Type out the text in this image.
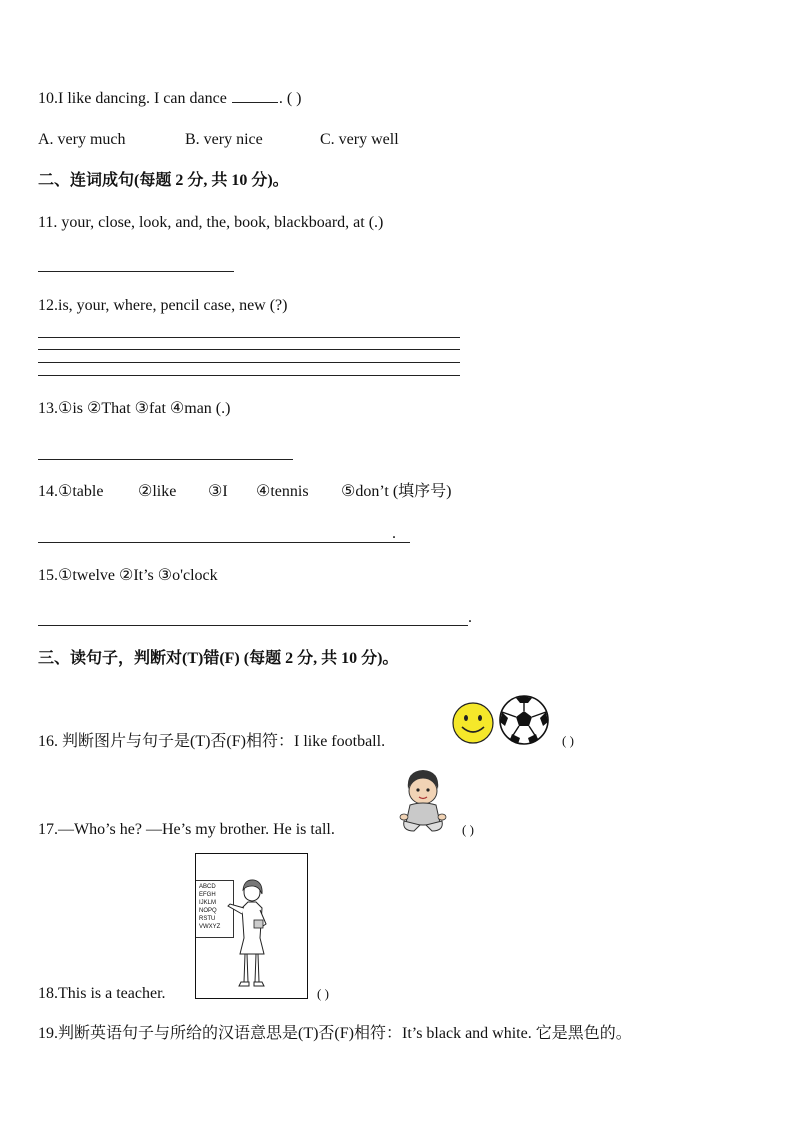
10.I like dancing. I can dance	. ( )
A. very much	B. very nice	C. very well
二、连词成句(每题 2 分, 共 10 分)。
11. your, close, look, and, the, book, blackboard, at (.)
12.is, your, where, pencil case, new (?)
13.①is ②That ③fat ④man (.)
14.①table ②like ③I ④tennis ⑤don’t (填序号)
.
15.①twelve ②It’s ③o'clock
.
三、读句子，判断对(T)错(F) (每题 2 分, 共 10 分)。
16. 判断图片与句子是(T)否(F)相符：I like football.	( )
17.—Who’s he? —He’s my brother. He is tall.	( )
18.This is a teacher.
ABCD
EFGH
IJKLM
NOPQ
RSTU
VWXYZ
( )
19.判断英语句子与所给的汉语意思是(T)否(F)相符：It’s black and white. 它是黑色的。
